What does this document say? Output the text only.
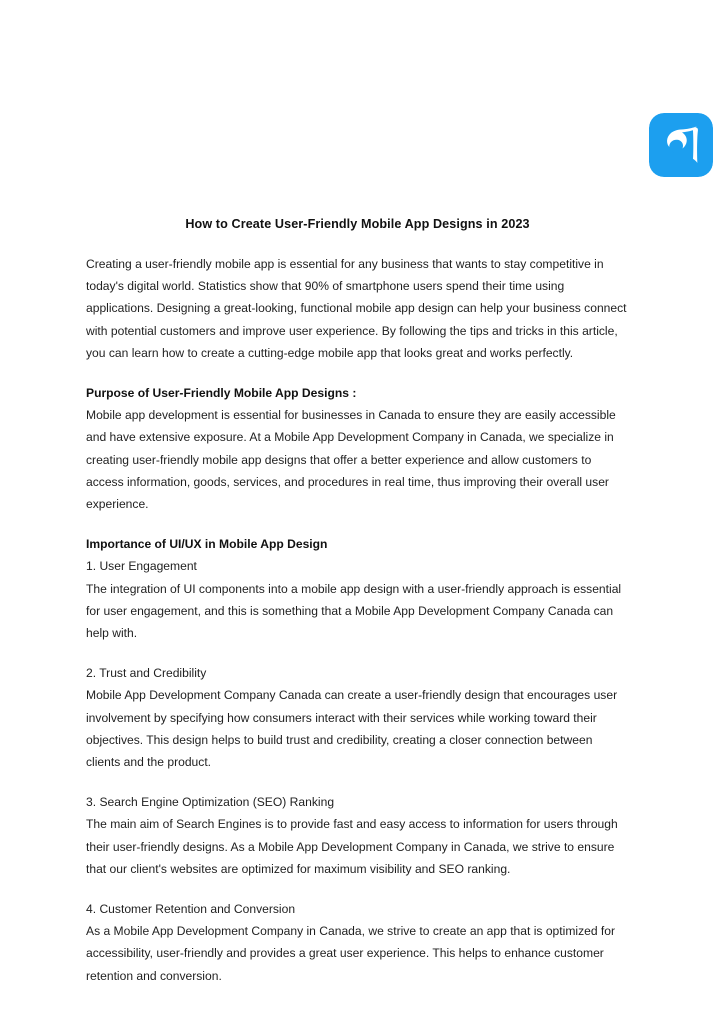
How to Create User-Friendly Mobile App Designs in 2023

Creating a user-friendly mobile app is essential for any business that wants to stay competitive in today's digital world. Statistics show that 90% of smartphone users spend their time using applications. Designing a great-looking, functional mobile app design can help your business connect with potential customers and improve user experience. By following the tips and tricks in this article, you can learn how to create a cutting-edge mobile app that looks great and works perfectly.

Purpose of User-Friendly Mobile App Designs :

Mobile app development is essential for businesses in Canada to ensure they are easily accessible and have extensive exposure. At a Mobile App Development Company in Canada, we specialize in creating user-friendly mobile app designs that offer a better experience and allow customers to access information, goods, services, and procedures in real time, thus improving their overall user experience.

Importance of UI/UX in Mobile App Design

1. User Engagement

The integration of UI components into a mobile app design with a user-friendly approach is essential for user engagement, and this is something that a Mobile App Development Company Canada can help with.

2. Trust and Credibility

Mobile App Development Company Canada can create a user-friendly design that encourages user involvement by specifying how consumers interact with their services while working toward their objectives. This design helps to build trust and credibility, creating a closer connection between clients and the product.

3. Search Engine Optimization (SEO) Ranking

The main aim of Search Engines is to provide fast and easy access to information for users through their user-friendly designs. As a Mobile App Development Company in Canada, we strive to ensure that our client's websites are optimized for maximum visibility and SEO ranking.

4. Customer Retention and Conversion

As a Mobile App Development Company in Canada, we strive to create an app that is optimized for accessibility, user-friendly and provides a great user experience. This helps to enhance customer retention and conversion.
